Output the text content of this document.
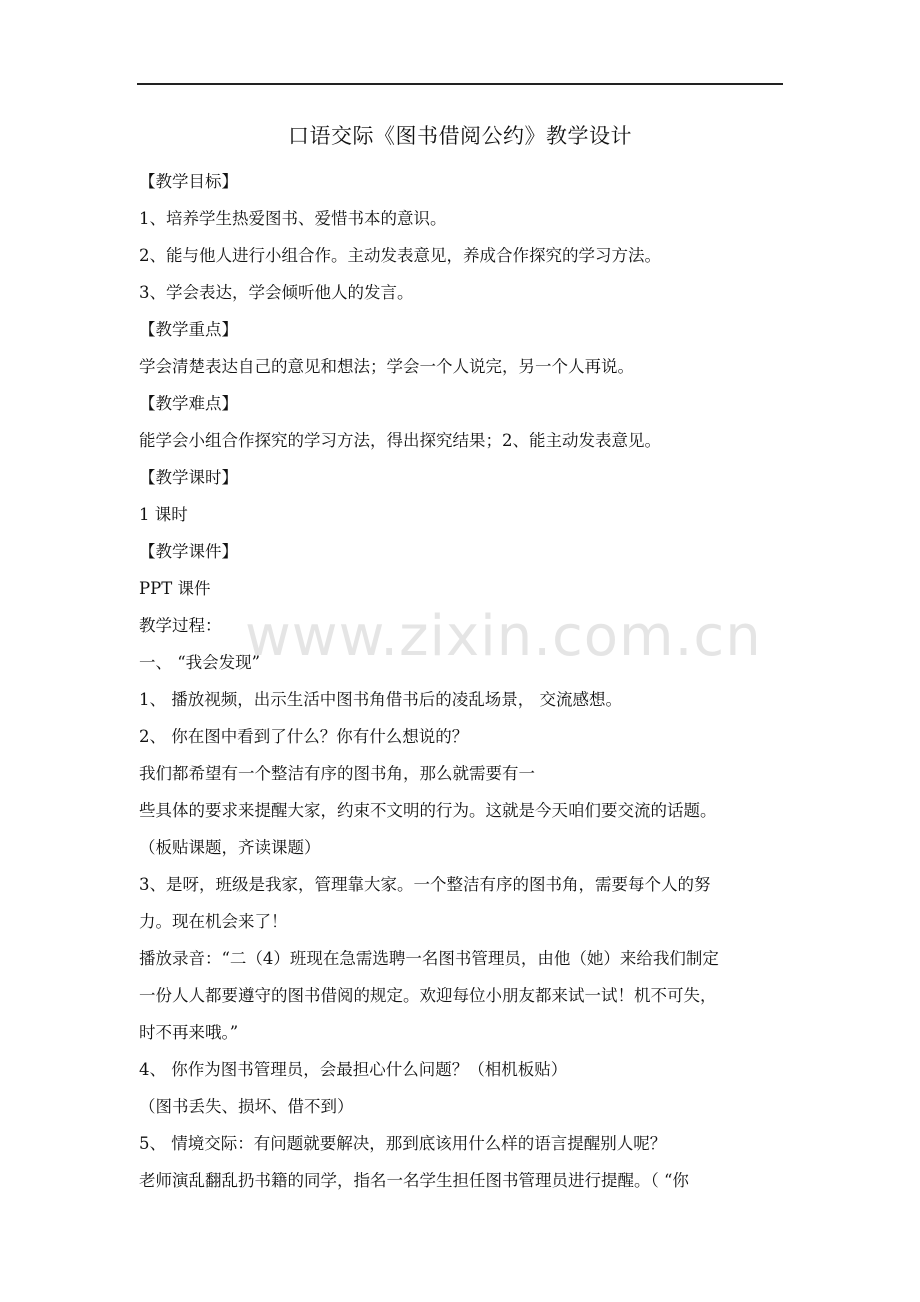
口语交际《图书借阅公约》教学设计
www.zixin.com.cn
【教学目标】
1、培养学生热爱图书、爱惜书本的意识。
2、能与他人进行小组合作。主动发表意见，养成合作探究的学习方法。
3、学会表达，学会倾听他人的发言。
【教学重点】
学会清楚表达自己的意见和想法；学会一个人说完，另一个人再说。
【教学难点】
能学会小组合作探究的学习方法，得出探究结果；2、能主动发表意见。
【教学课时】
1 课时
【教学课件】
PPT 课件
教学过程：
一、 “我会发现”
1、 播放视频，出示生活中图书角借书后的凌乱场景， 交流感想。
2、 你在图中看到了什么？你有什么想说的？
我们都希望有一个整洁有序的图书角，那么就需要有一
些具体的要求来提醒大家，约束不文明的行为。这就是今天咱们要交流的话题。
（板贴课题，齐读课题）
3、是呀，班级是我家，管理靠大家。一个整洁有序的图书角，需要每个人的努
力。现在机会来了！
播放录音：“二（4）班现在急需选聘一名图书管理员，由他（她）来给我们制定
一份人人都要遵守的图书借阅的规定。欢迎每位小朋友都来试一试！机不可失，
时不再来哦。”
4、 你作为图书管理员，会最担心什么问题？（相机板贴）
（图书丢失、损坏、借不到）
5、 情境交际：有问题就要解决，那到底该用什么样的语言提醒别人呢？
老师演乱翻乱扔书籍的同学，指名一名学生担任图书管理员进行提醒。（ “你
